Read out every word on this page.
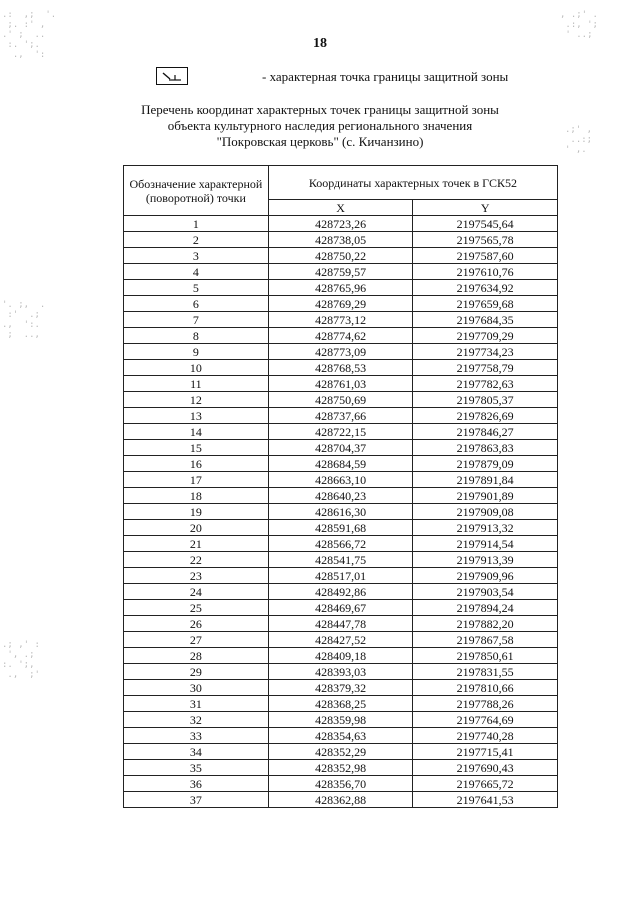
.:  ,;  '.
;. :' ,
.' ;  ..
:. ';.
.,  ':
'. ;,  .
:'  .;
.,  ':.
;  ..,
.; ,' :
', .;
:. ';,
.,  ;'
, .;' .
.:, ';
' ..;
.;' ,
..:;
' ,.
18
- характерная точка границы защитной зоны
Перечень координат характерных точек границы защитной зоны
объекта культурного наследия регионального значения
"Покровская церковь" (с. Кичанзино)
Обозначение характерной (поворотной) точки	Координаты характерных точек в ГСК52	
	X	Y
1	428723,26	2197545,64
2	428738,05	2197565,78
3	428750,22	2197587,60
4	428759,57	2197610,76
5	428765,96	2197634,92
6	428769,29	2197659,68
7	428773,12	2197684,35
8	428774,62	2197709,29
9	428773,09	2197734,23
10	428768,53	2197758,79
11	428761,03	2197782,63
12	428750,69	2197805,37
13	428737,66	2197826,69
14	428722,15	2197846,27
15	428704,37	2197863,83
16	428684,59	2197879,09
17	428663,10	2197891,84
18	428640,23	2197901,89
19	428616,30	2197909,08
20	428591,68	2197913,32
21	428566,72	2197914,54
22	428541,75	2197913,39
23	428517,01	2197909,96
24	428492,86	2197903,54
25	428469,67	2197894,24
26	428447,78	2197882,20
27	428427,52	2197867,58
28	428409,18	2197850,61
29	428393,03	2197831,55
30	428379,32	2197810,66
31	428368,25	2197788,26
32	428359,98	2197764,69
33	428354,63	2197740,28
34	428352,29	2197715,41
35	428352,98	2197690,43
36	428356,70	2197665,72
37	428362,88	2197641,53
